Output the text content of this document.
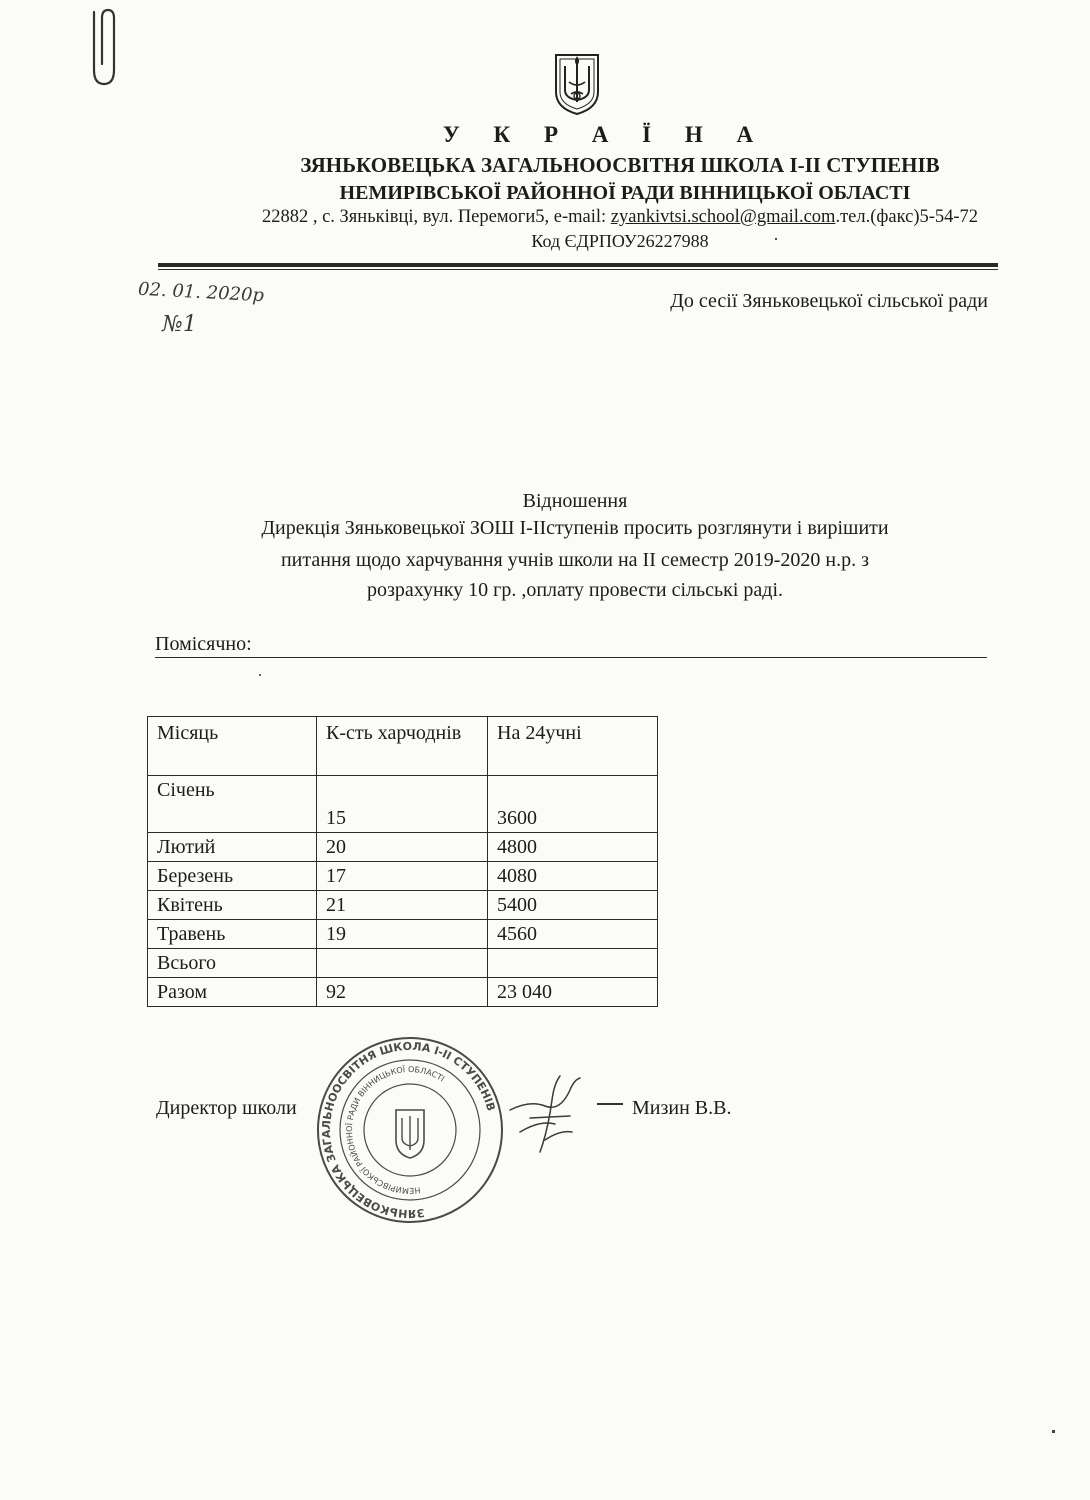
У К Р А Ї Н А
ЗЯНЬКОВЕЦЬКА ЗАГАЛЬНООСВІТНЯ ШКОЛА І-ІІ СТУПЕНІВ
НЕМИРІВСЬКОЇ РАЙОННОЇ РАДИ ВІННИЦЬКОЇ ОБЛАСТІ
22882 , с. Зяньківці, вул. Перемоги5, e-mail: zyankivtsi.school@gmail.com.тел.(факс)5-54-72
Код ЄДРПОУ26227988
02. 01. 2020р
№1
До сесії Зяньковецької сільської ради
Відношення
Дирекція Зяньковецької ЗОШ І-ІІступенів просить розглянути і вирішити
питання щодо харчування учнів школи на ІІ семестр 2019-2020 н.р. з
розрахунку 10 гр. ,оплату провести сільські раді.
Помісячно:
Місяць	К-сть харчоднів	На 24учні
Січень	15	3600
Лютий	20	4800
Березень	17	4080
Квітень	21	5400
Травень	19	4560
Всього		
Разом	92	23 040
ЗЯНЬКОВЕЦЬКА ЗАГАЛЬНООСВІТНЯ ШКОЛА І-ІІ СТУПЕНІВ
НЕМИРІВСЬКОЇ РАЙОННОЇ РАДИ ВІННИЦЬКОЇ ОБЛАСТІ
Директор школи	Мизин В.В.
